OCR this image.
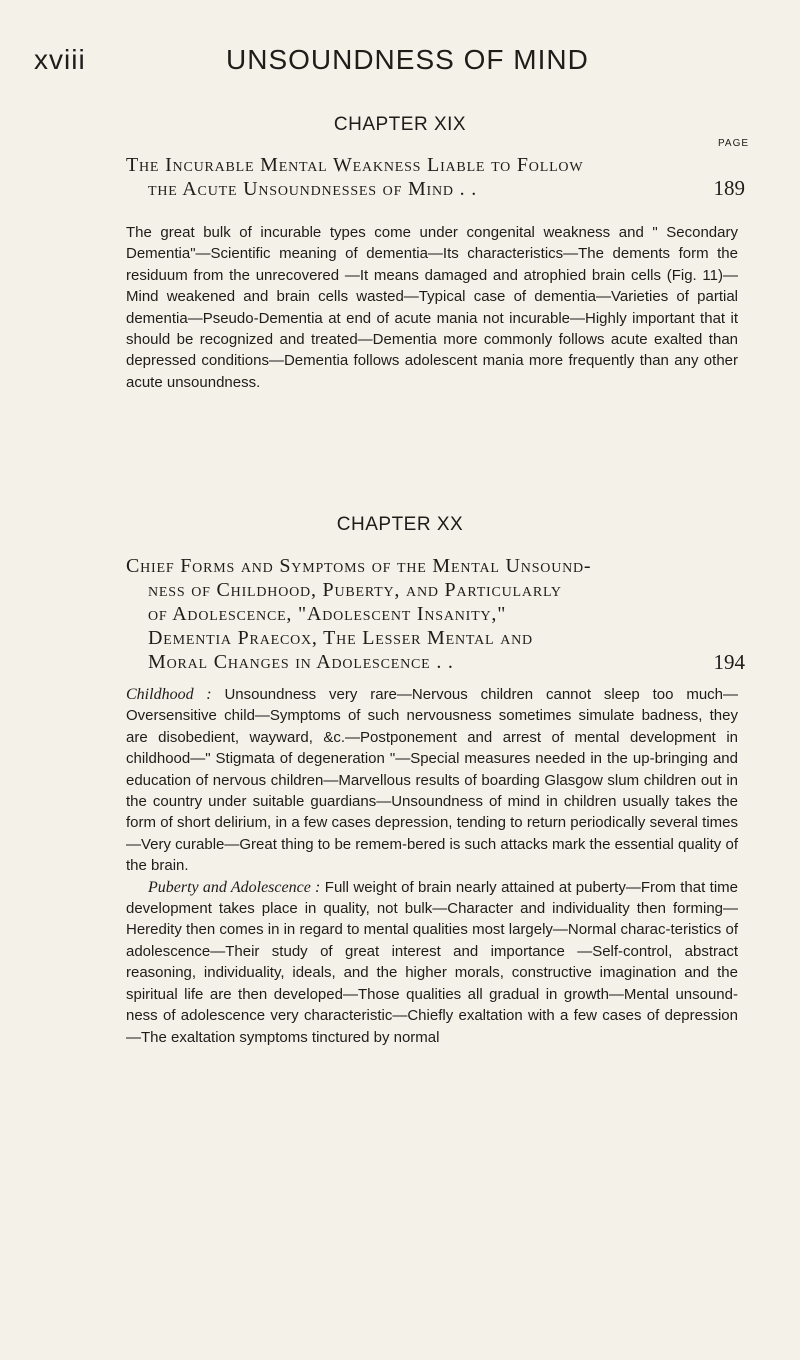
xviii	UNSOUNDNESS OF MIND
CHAPTER XIX
PAGE
The Incurable Mental Weakness Liable to Follow
the Acute Unsoundnesses of Mind . .	189

The great bulk of incurable types come under congenital weakness and " Secondary Dementia"—Scientific meaning of dementia—Its characteristics—The dements form the residuum from the unrecovered —It means damaged and atrophied brain cells (Fig. 11)—Mind weakened and brain cells wasted—Typical case of dementia—Varieties of partial dementia—Pseudo-Dementia at end of acute mania not incurable—Highly important that it should be recognized and treated—Dementia more commonly follows acute exalted than depressed conditions—Dementia follows adolescent mania more frequently than any other acute unsoundness.

CHAPTER XX
Chief Forms and Symptoms of the Mental Unsound-
ness of Childhood, Puberty, and Particularly
of Adolescence, "Adolescent Insanity,"
Dementia Praecox, The Lesser Mental and
Moral Changes in Adolescence . .	194

Childhood : Unsoundness very rare—Nervous children cannot sleep too much—Oversensitive child—Symptoms of such nervousness sometimes simulate badness, they are disobedient, wayward, &c.—Postponement and arrest of mental development in childhood—" Stigmata of degeneration "—Special measures needed in the up-bringing and education of nervous children—Marvellous results of boarding Glasgow slum children out in the country under suitable guardians—Unsoundness of mind in children usually takes the form of short delirium, in a few cases depression, tending to return periodically several times—Very curable—Great thing to be remem-bered is such attacks mark the essential quality of the brain.
Puberty and Adolescence : Full weight of brain nearly attained at puberty—From that time development takes place in quality, not bulk—Character and individuality then forming—Heredity then comes in in regard to mental qualities most largely—Normal charac-teristics of adolescence—Their study of great interest and importance —Self-control, abstract reasoning, individuality, ideals, and the higher morals, constructive imagination and the spiritual life are then developed—Those qualities all gradual in growth—Mental unsound-ness of adolescence very characteristic—Chiefly exaltation with a few cases of depression—The exaltation symptoms tinctured by normal
